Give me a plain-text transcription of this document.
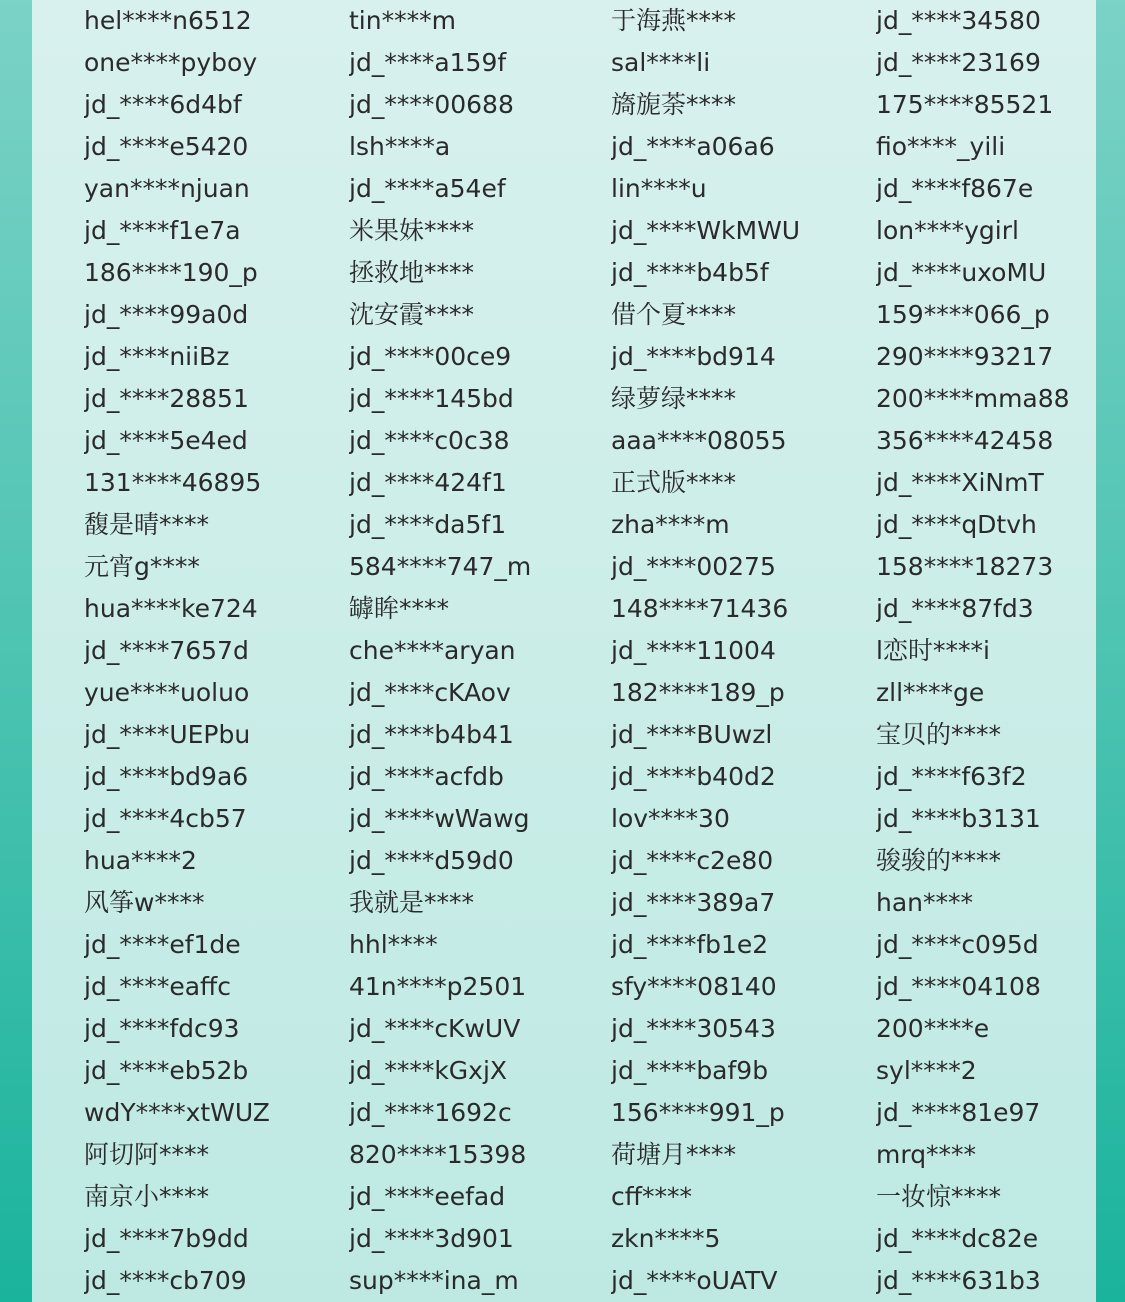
hel****n6512	tin****m	于海燕****	jd_****34580
one****pyboy	jd_****a159f	sal****li	jd_****23169
jd_****6d4bf	jd_****00688	旖旎荼****	175****85521
jd_****e5420	lsh****a	jd_****a06a6	fio****_yili
yan****njuan	jd_****a54ef	lin****u	jd_****f867e
jd_****f1e7a	米果妹****	jd_****WkMWU	lon****ygirl
186****190_p	拯救地****	jd_****b4b5f	jd_****uxoMU
jd_****99a0d	沈安霞****	借个夏****	159****066_p
jd_****niiBz	jd_****00ce9	jd_****bd914	290****93217
jd_****28851	jd_****145bd	绿萝绿****	200****mma88
jd_****5e4ed	jd_****c0c38	aaa****08055	356****42458
131****46895	jd_****424f1	正式版****	jd_****XiNmT
馥是晴****	jd_****da5f1	zha****m	jd_****qDtvh
元宵g****	584****747_m	jd_****00275	158****18273
hua****ke724	罅眸****	148****71436	jd_****87fd3
jd_****7657d	che****aryan	jd_****11004	l恋时****i
yue****uoluo	jd_****cKAov	182****189_p	zll****ge
jd_****UEPbu	jd_****b4b41	jd_****BUwzl	宝贝的****
jd_****bd9a6	jd_****acfdb	jd_****b40d2	jd_****f63f2
jd_****4cb57	jd_****wWawg	lov****30	jd_****b3131
hua****2	jd_****d59d0	jd_****c2e80	骏骏的****
风筝w****	我就是****	jd_****389a7	han****
jd_****ef1de	hhl****	jd_****fb1e2	jd_****c095d
jd_****eaffc	41n****p2501	sfy****08140	jd_****04108
jd_****fdc93	jd_****cKwUV	jd_****30543	200****e
jd_****eb52b	jd_****kGxjX	jd_****baf9b	syl****2
wdY****xtWUZ	jd_****1692c	156****991_p	jd_****81e97
阿切阿****	820****15398	荷塘月****	mrq****
南京小****	jd_****eefad	cff****	一妆惊****
jd_****7b9dd	jd_****3d901	zkn****5	jd_****dc82e
jd_****cb709	sup****ina_m	jd_****oUATV	jd_****631b3
